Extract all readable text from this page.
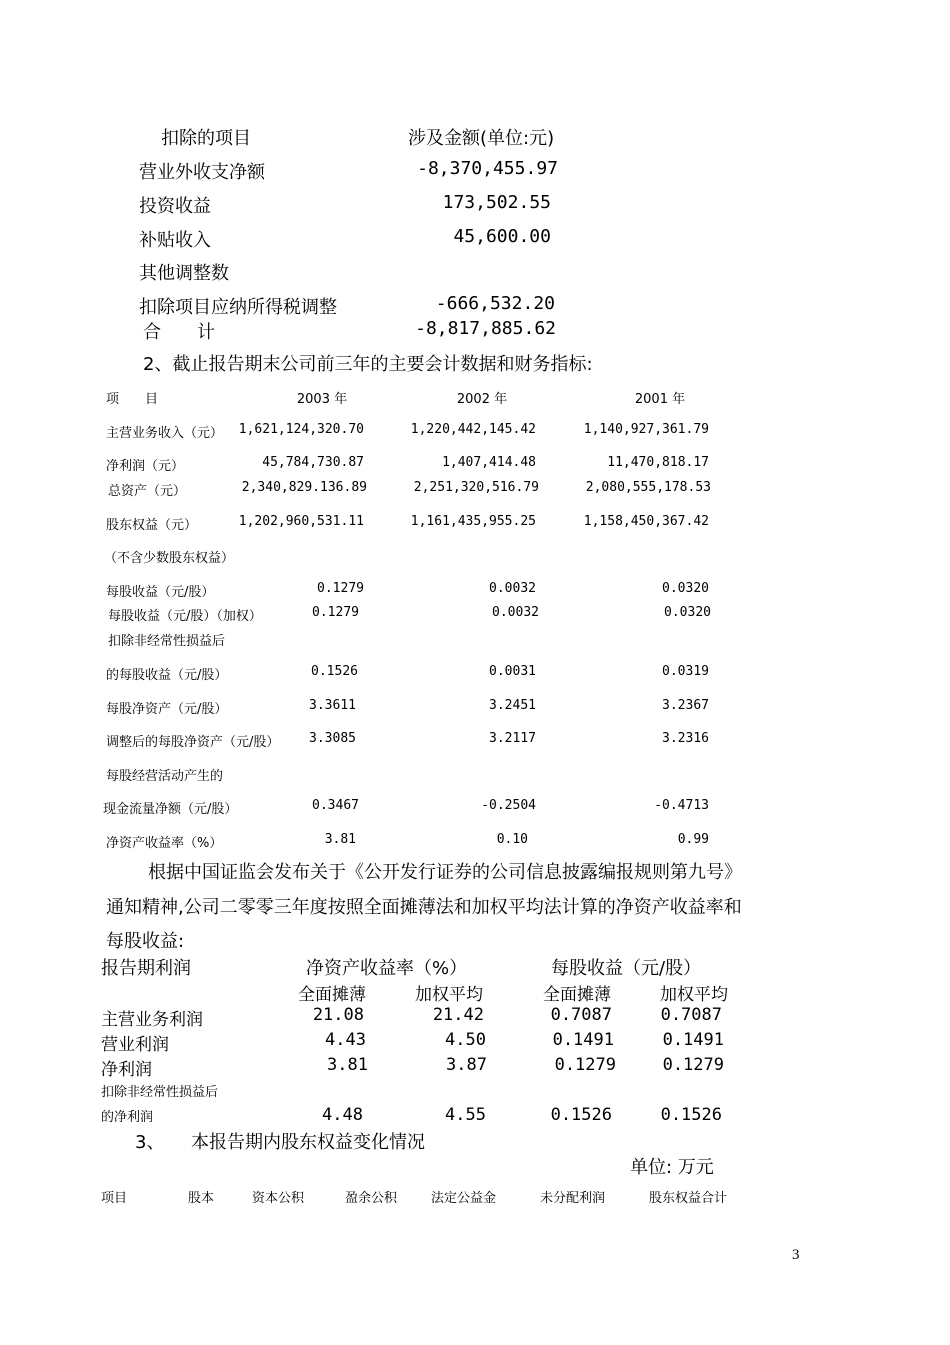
扣除的项目	涉及金额(单位:元)
营业外收支净额	-8,370,455.97
投资收益	173,502.55
补贴收入	45,600.00
其他调整数
扣除项目应纳所得税调整	-666,532.20
合　　计	-8,817,885.62
2、截止报告期末公司前三年的主要会计数据和财务指标:
项　　目	2003 年	2002 年	2001 年
主营业务收入（元）	1,621,124,320.70	1,220,442,145.42	1,140,927,361.79
净利润（元）	45,784,730.87	1,407,414.48	11,470,818.17
总资产（元）	2,340,829.136.89	2,251,320,516.79	2,080,555,178.53
股东权益（元）	1,202,960,531.11	1,161,435,955.25	1,158,450,367.42
（不含少数股东权益）
每股收益（元/股）	0.1279	0.0032	0.0320
每股收益（元/股）（加权）	0.1279	0.0032	0.0320
扣除非经常性损益后
的每股收益（元/股）	0.1526	0.0031	0.0319
每股净资产（元/股）	3.3611	3.2451	3.2367
调整后的每股净资产（元/股）	3.3085	3.2117	3.2316
每股经营活动产生的
现金流量净额（元/股）	0.3467	-0.2504	-0.4713
净资产收益率（%）	3.81	0.10	0.99
根据中国证监会发布关于《公开发行证券的公司信息披露编报规则第九号》
通知精神,公司二零零三年度按照全面摊薄法和加权平均法计算的净资产收益率和
每股收益:
报告期利润	净资产收益率（%）	每股收益（元/股）
全面摊薄	加权平均	全面摊薄	加权平均
主营业务利润	21.08	21.42	0.7087	0.7087
营业利润	4.43	4.50	0.1491	0.1491
净利润	3.81	3.87	0.1279	0.1279
扣除非经常性损益后
的净利润	4.48	4.55	0.1526	0.1526
3、 本报告期内股东权益变化情况
单位: 万元
项目	股本	资本公积	盈余公积	法定公益金	未分配利润	股东权益合计
3
